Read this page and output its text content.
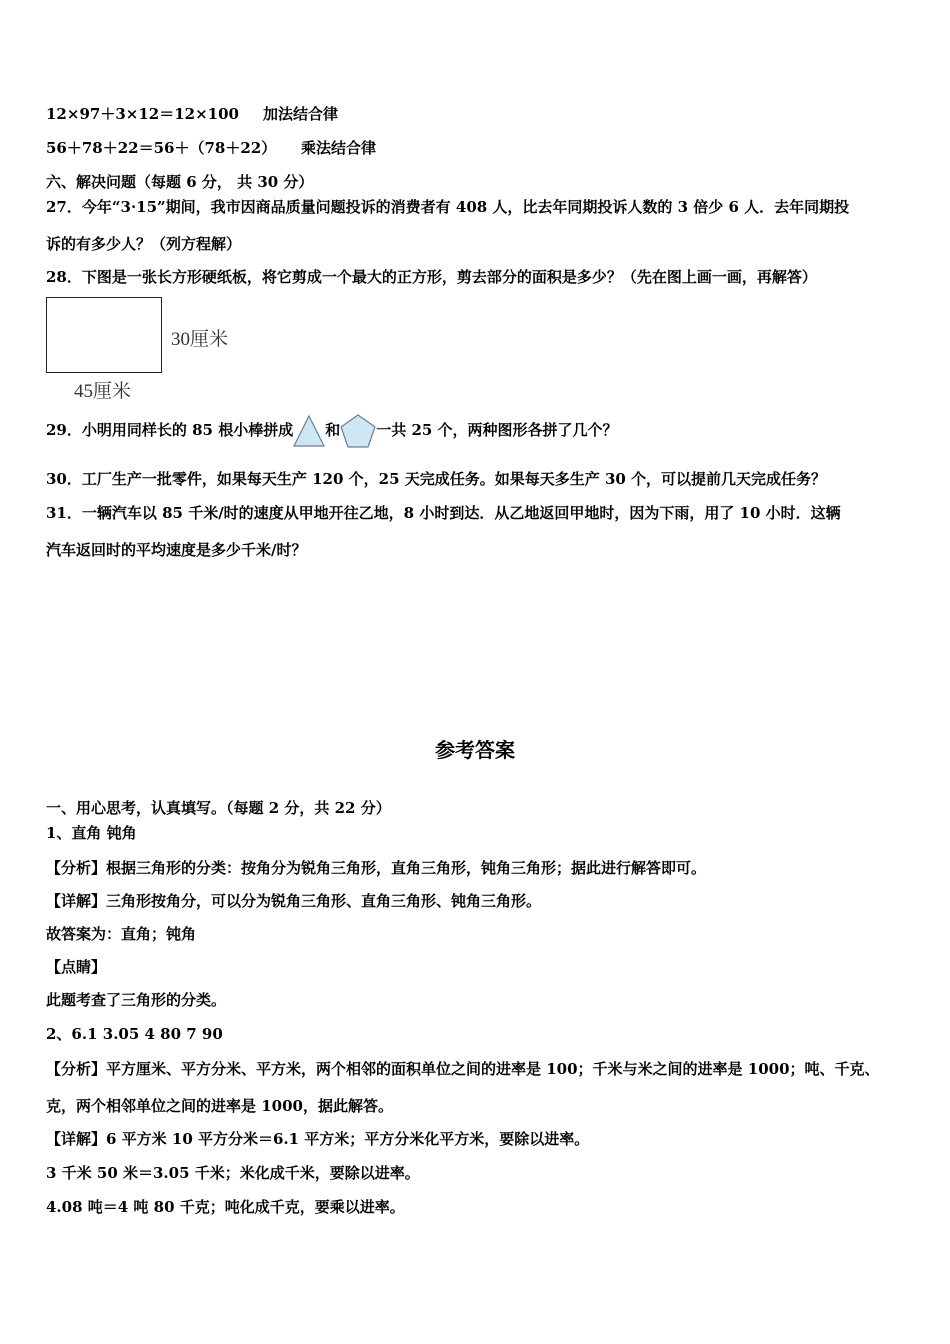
12×97＋3×12＝12×100 加法结合律
56＋78＋22＝56＋（78＋22） 乘法结合律
六、解决问题（每题 6 分， 共 30 分）
27．今年“3·15”期间，我市因商品质量问题投诉的消费者有 408 人，比去年同期投诉人数的 3 倍少 6 人．去年同期投
诉的有多少人？（列方程解）
28．下图是一张长方形硬纸板，将它剪成一个最大的正方形，剪去部分的面积是多少？（先在图上画一画，再解答）
30厘米
45厘米
29．小明用同样长的 85 根小棒拼成 和 一共 25 个，两种图形各拼了几个？
30．工厂生产一批零件，如果每天生产 120 个，25 天完成任务。如果每天多生产 30 个，可以提前几天完成任务？
31．一辆汽车以 85 千米/时的速度从甲地开往乙地，8 小时到达．从乙地返回甲地时，因为下雨，用了 10 小时．这辆
汽车返回时的平均速度是多少千米/时？
参考答案
一、用心思考，认真填写。（每题 2 分，共 22 分）
1、直角 钝角
【分析】根据三角形的分类：按角分为锐角三角形，直角三角形，钝角三角形；据此进行解答即可。
【详解】三角形按角分，可以分为锐角三角形、直角三角形、钝角三角形。
故答案为：直角；钝角
【点睛】
此题考查了三角形的分类。
2、6.1 3.05 4 80 7 90
【分析】平方厘米、平方分米、平方米，两个相邻的面积单位之间的进率是 100；千米与米之间的进率是 1000；吨、千克、
克，两个相邻单位之间的进率是 1000，据此解答。
【详解】6 平方米 10 平方分米＝6.1 平方米；平方分米化平方米，要除以进率。
3 千米 50 米＝3.05 千米；米化成千米，要除以进率。
4.08 吨＝4 吨 80 千克；吨化成千克，要乘以进率。
